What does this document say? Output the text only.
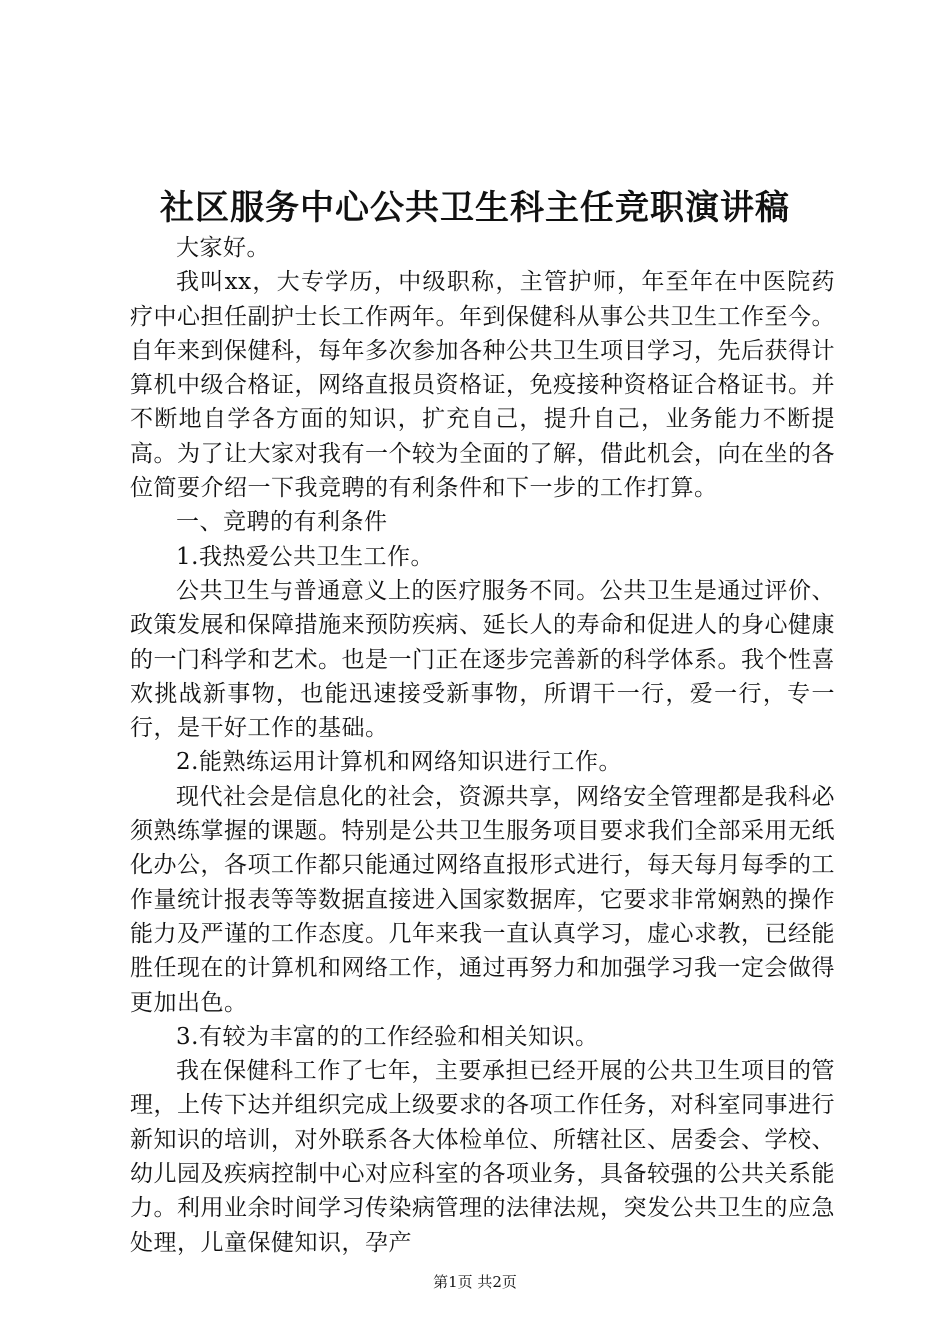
社区服务中心公共卫生科主任竞职演讲稿

大家好。

我叫xx，大专学历，中级职称，主管护师，年至年在中医院药疗中心担任副护士长工作两年。年到保健科从事公共卫生工作至今。自年来到保健科，每年多次参加各种公共卫生项目学习，先后获得计算机中级合格证，网络直报员资格证，免疫接种资格证合格证书。并不断地自学各方面的知识，扩充自己，提升自己，业务能力不断提高。为了让大家对我有一个较为全面的了解，借此机会，向在坐的各位简要介绍一下我竞聘的有利条件和下一步的工作打算。

一、竞聘的有利条件

1.我热爱公共卫生工作。

公共卫生与普通意义上的医疗服务不同。公共卫生是通过评价、政策发展和保障措施来预防疾病、延长人的寿命和促进人的身心健康的一门科学和艺术。也是一门正在逐步完善新的科学体系。我个性喜欢挑战新事物，也能迅速接受新事物，所谓干一行，爱一行，专一行，是干好工作的基础。

2.能熟练运用计算机和网络知识进行工作。

现代社会是信息化的社会，资源共享，网络安全管理都是我科必须熟练掌握的课题。特别是公共卫生服务项目要求我们全部采用无纸化办公，各项工作都只能通过网络直报形式进行，每天每月每季的工作量统计报表等等数据直接进入国家数据库，它要求非常娴熟的操作能力及严谨的工作态度。几年来我一直认真学习，虚心求教，已经能胜任现在的计算机和网络工作，通过再努力和加强学习我一定会做得更加出色。

3.有较为丰富的的工作经验和相关知识。

我在保健科工作了七年，主要承担已经开展的公共卫生项目的管理，上传下达并组织完成上级要求的各项工作任务，对科室同事进行新知识的培训，对外联系各大体检单位、所辖社区、居委会、学校、幼儿园及疾病控制中心对应科室的各项业务，具备较强的公共关系能力。利用业余时间学习传染病管理的法律法规，突发公共卫生的应急处理，儿童保健知识，孕产

第1页 共2页
